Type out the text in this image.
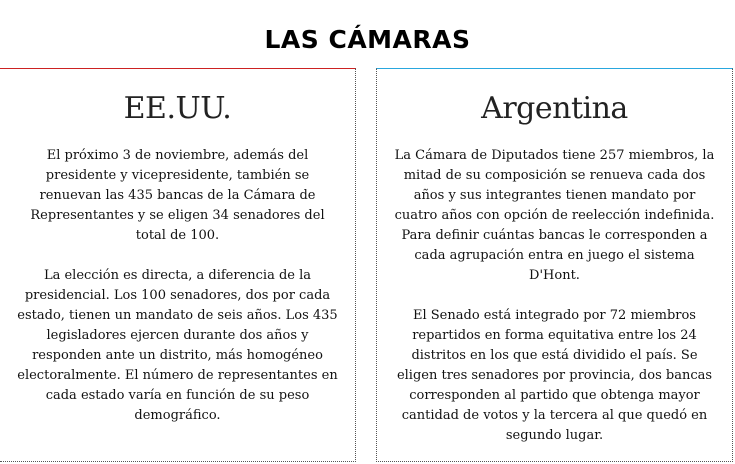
LAS CÁMARAS
EE.UU.

El próximo 3 de noviembre, además del presidente y vicepresidente, también se renuevan las 435 bancas de la Cámara de Representantes y se eligen 34 senadores del total de 100.

La elección es directa, a diferencia de la presidencial. Los 100 senadores, dos por cada estado, tienen un mandato de seis años. Los 435 legisladores ejercen durante dos años y responden ante un distrito, más homogéneo electoralmente. El número de representantes en cada estado varía en función de su peso demográfico.

Argentina

La Cámara de Diputados tiene 257 miembros, la mitad de su composición se renueva cada dos años y sus integrantes tienen mandato por cuatro años con opción de reelección indefinida. Para definir cuántas bancas le corresponden a cada agrupación entra en juego el sistema D'Hont.

El Senado está integrado por 72 miembros repartidos en forma equitativa entre los 24 distritos en los que está dividido el país. Se eligen tres senadores por provincia, dos bancas corresponden al partido que obtenga mayor cantidad de votos y la tercera al que quedó en segundo lugar.
